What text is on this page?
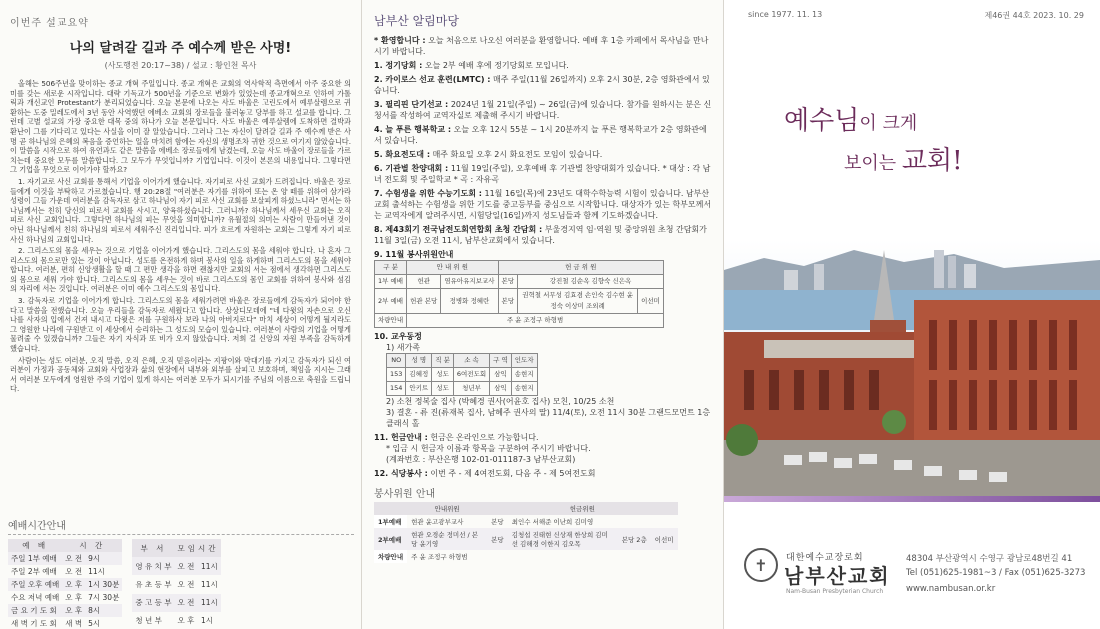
이번주 설교요약
나의 달려갈 길과 주 예수께 받은 사명!
(사도행전 20:17~38) / 설교 : 황인천 목사

올해는 506주년을 맞이하는 종교 개혁 주일입니다. 종교 개혁은 교회의 역사학적 측면에서 아주 중요한 의미를 갖는 새로운 시작입니다. 대략 기독교가 500년을 기준으로 변화가 있었는데 종교개혁으로 인하여 가톨릭과 개신교인 Protestant가 분리되었습니다. 오늘 본문에 나오는 사도 바울은 고린도에서 예루살렘으로 귀환하는 도중 밀레도에서 3년 동안 사역했던 에베소 교회의 장로들을 불러놓고 당부를 하고 설교를 합니다. 그런데 고별 설교의 가장 중요한 대목 중의 하나가 오늘 본문입니다. 사도 바울은 예루살렘에 도착하면 결박과 환난이 그를 기다리고 있다는 사실을 이미 잘 알았습니다. 그러나 그는 자신이 달려갈 길과 주 예수께 받은 사명 곧 하나님의 은혜의 복음을 증언하는 일을 마치려 함에는 자신의 생명조차 귀한 것으로 여기지 않았습니다. 이 말씀을 시작으로 하여 유언과도 같은 말씀을 에베소 장로들에게 남겼는데, 오늘 사도 바울이 장로들을 가르치는데 중요한 모두를 말씀합니다. 그 모두가 무엇입니까? 기업입니다. 이것이 본론의 내용입니다. 그렇다면 그 기업을 무엇으로 이어가야 할까요?

1. 자기교로 사신 교회를 통해서 기업을 이어가게 했습니다. 자기피로 사신 교회가 드려집니다. 바울은 장로들에게 이것을 부탁하고 가르쳤습니다. 행 20:28절 "여러분은 자기를 위하여 또는 온 양 떼를 위하여 삼가라 성령이 그들 가운데 여러분을 감독자로 삼고 하나님이 자기 피로 사신 교회를 보살피게 하셨느니라" 면서는 하나님께서는 친히 당신의 피로서 교회를 사시고, 양육하셨습니다. 그러니까? 하나님께서 세우신 교회는 오직 피로 사신 교회입니다. 그렇다면 하나님의 피는 무엇을 의미합니까? 유월절의 의미는 사람이 만들어낸 것이 아닌 하나님께서 친히 하나님의 피로서 세워주신 진리입니다. 피가 흐르게 자원하는 교회는 그렇게 자기 피로 사신 하나님의 교회입니다.

2. 그리스도의 몸을 세우는 것으로 기업을 이어가게 했습니다. 그리스도의 몸을 세워야 합니다. 나 혼자 그리스도의 몸으로만 있는 것이 아닙니다. 성도를 온전하게 하며 봉사의 일을 하게하며 그리스도의 몸을 세워야 합니다. 여러분, 편히 신앙생활을 할 때 그 편만 생각을 하면 괜찮지만 교회의 서는 점에서 생각하면 그리스도의 몸으로 세워 가야 합니다. 그리스도의 몸을 세우는 것이 바로 그리스도의 몸인 교회를 위하여 봉사와 섬김의 자리에 서는 것입니다. 여러분은 이미 예수 그리스도의 몸입니다.

3. 감독자로 기업을 이어가게 합니다. 그리스도의 몸을 세워가려면 바울은 장로들에게 감독자가 되어야 한다고 말씀을 전했습니다. 오늘 우리들을 감독자로 세웠다고 합니다. 상상디모데에 "네 다윗의 자손으로 오신 나를 사자의 입에서 건져 내시고 다윗은 저를 구원하사 보라 나의 아버지로다" 마치 세상이 어떻게 될지라도 그 영원한 나라에 구원받고 이 세상에서 승리하는 그 성도의 모습이 있습니다. 여러분이 사람의 기업을 어떻게 물려줄 수 있겠습니까? 그들은 자기 자식과 또 비가 오지 않았습니다. 저희 걸 신앙의 자원 부족을 감독하게 했습니다.

사람이는 성도 여러분, 오직 말씀, 오직 은혜, 오직 믿음이라는 지팡이와 막대기를 가지고 감독자가 되신 여러분이 가정과 공동체와 교회와 사업장과 삶의 현장에서 내부와 외부를 살피고 보호하며, 책임을 지시는 그래서 여러분 모두에게 영원한 주의 기업이 있게 하시는 여러분 모두가 되시기를 주님의 이름으로 축원을 드립니다.

예배시간안내
예 배	시 간	
주일 1부 예배	오 전	9시
주일 2부 예배	오 전	11시
주일 오후 예배	오 후	1시 30분
수요 저녁 예배	오 후	7시 30분
금 요 기 도 회	오 후	8시
새 벽 기 도 회	새 벽	5시
부 서	모임시간	
영 유 치 부	오 전	11시
유 초 등 부	오 전	11시
중 고 등 부	오 전	11시
청 년 부	오 후	1시
남부산 알림마당
* 환영합니다 : 오늘 처음으로 나오신 여러분을 환영합니다. 예배 후 1층 카페에서 목사님을 만나시기 바랍니다.
1. 정기당회 : 오늘 2부 예배 후에 정기당회로 모입니다.
2. 카이로스 선교 훈련(LMTC) : 매주 주일(11월 26일까지) 오후 2시 30분, 2층 영화관에서 있습니다.
3. 필리핀 단기선교 : 2024년 1월 21일(주일) ~ 26일(금)에 있습니다. 참가를 원하시는 분은 신청서를 작성하여 교역자실로 제출해 주시기 바랍니다.
4. 늘 푸른 행복학교 : 오늘 오후 12시 55분 ~ 1시 20분까지 늘 푸른 행복학교가 2층 영화관에서 있습니다.
5. 화요전도대 : 매주 화요일 오후 2시 화요전도 모임이 있습니다.
6. 기관별 찬양대회 : 11월 19일(주일), 오후예배 후 기관별 찬양대회가 있습니다. * 대상 : 각 남녀 전도회 및 주일학교 * 곡 : 자유곡
7. 수험생을 위한 수능기도회 : 11월 16일(목)에 23년도 대학수학능력 시험이 있습니다. 남부산교회 출석하는 수험생을 위한 기도를 중고등부를 중심으로 시작합니다. 대상자가 있는 학부모께서는 교역자에게 알려주시면, 시험당일(16일)까지 성도님들과 함께 기도하겠습니다.
8. 제43회기 전국남전도회연합회 초청 간담회 : 부울경지역 임·역원 및 중앙위원 초청 간담회가 11월 3일(금) 오전 11시, 남부산교회에서 있습니다.
9. 11월 봉사위원안내
구 분	안 내 위 원		헌 금 위 원		
1부 예배	헌관	염유아유지보교사	본당	강진철 김순옥 김향숙 신은옥	
2부 예배	헌관 본당	정병화 정혜란	본당	권혁철 서무성 김효겸 손인숙 김수현 윤정숙 이상미 조외례	이선미
차량안내	주 윤 조정구 하형범				
10. 교우동정
1) 새가족
NO	성 명	직 분	소 속	구 역	인도자
153	김혜정	성도	6여전도회	삼익	송현지
154	안키트	성도	청년부	삼익	송현지
2) 소천 정복술 집사 (박혜경 권사(어윤호 집사) 모친, 10/25 소천
3) 결혼 - 류 진(류재복 집사, 남혜주 권사의 딸) 11/4(토), 오전 11시 30분 그랜드모먼트 1층 클래식 홀
11. 헌금안내 : 헌금은 온라인으로 가능합니다.
* 입금 시 헌금자 이름과 항목을 구분하여 주시기 바랍니다.
(계좌번호 : 부산은행 102-01-011187-3 남부산교회)
12. 식당봉사 : 이번 주 - 제 4여전도회, 다음 주 - 제 5여전도회
봉사위원 안내
	안내위원	헌금위원			
1부예배	현관 윤고광부교사	본당	최인수 서해준 이난희 김미영		
2부예배	현관 오경순 정미선 / 본당 윤기영	본당	김청섭 진태현 신상재 한상희 김미선 김해경 이한지 김오목	본당 2층	이선미
차량안내	주 윤 조정구 하형범				
since 1977. 11. 13	제46권 44호 2023. 10. 29
예수님이 크게
보이는 교회!
✝	대한예수교장로회
남부산교회
Nam-Busan Presbyterian Church
48304 부산광역시 수영구 광남로48번길 41
Tel (051)625-1981~3 / Fax (051)625-3273
www.nambusan.or.kr
